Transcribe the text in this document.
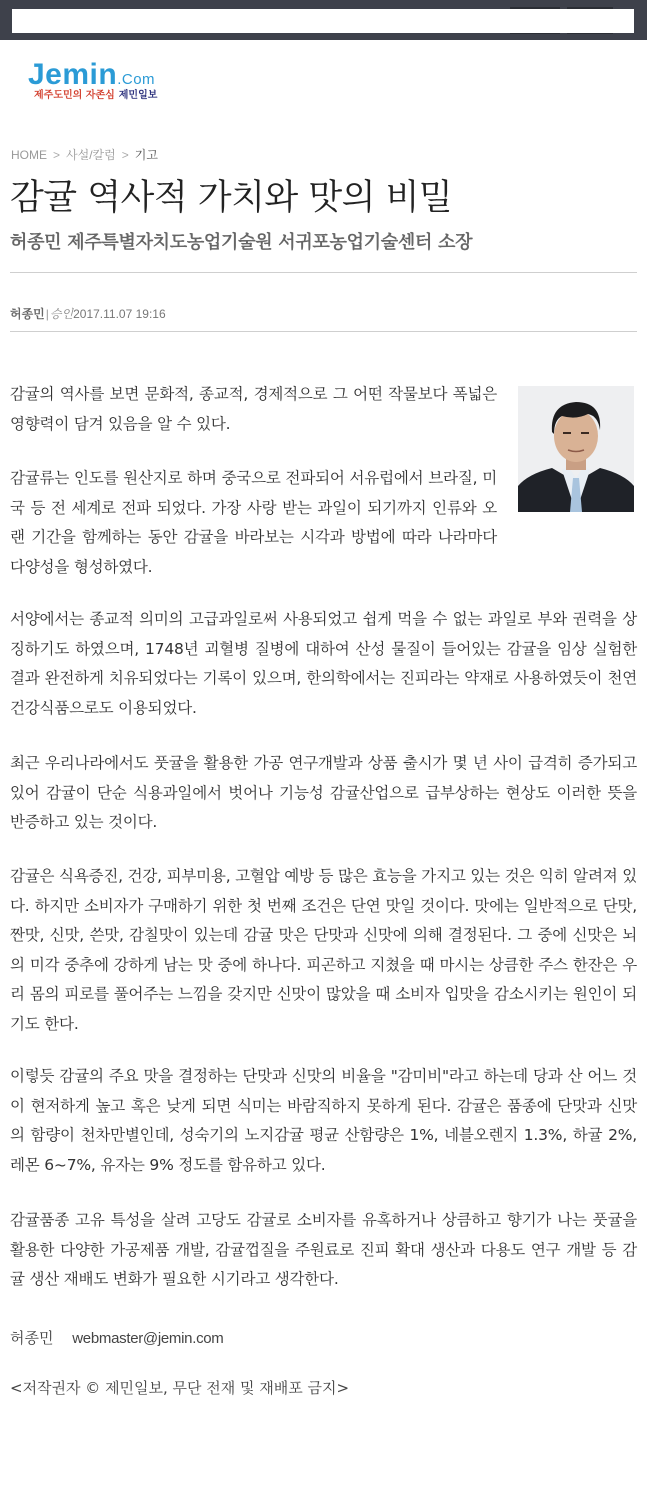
Jemin.Com
제주도민의 자존심 제민일보
HOME > 사설/칼럼 > 기고
감귤 역사적 가치와 맛의 비밀
허종민 제주특별자치도농업기술원 서귀포농업기술센터 소장
허종민 | 승인 2017.11.07 19:16

감귤의 역사를 보면 문화적, 종교적, 경제적으로 그 어떤 작물보다 폭넓은 영향력이 담겨 있음을 알 수 있다.

감귤류는 인도를 원산지로 하며 중국으로 전파되어 서유럽에서 브라질, 미국 등 전 세계로 전파 되었다. 가장 사랑 받는 과일이 되기까지 인류와 오랜 기간을 함께하는 동안 감귤을 바라보는 시각과 방법에 따라 나라마다 다양성을 형성하였다.

서양에서는 종교적 의미의 고급과일로써 사용되었고 쉽게 먹을 수 없는 과일로 부와 권력을 상징하기도 하였으며, 1748년 괴혈병 질병에 대하여 산성 물질이 들어있는 감귤을 임상 실험한 결과 완전하게 치유되었다는 기록이 있으며, 한의학에서는 진피라는 약재로 사용하였듯이 천연건강식품으로도 이용되었다.

최근 우리나라에서도 풋귤을 활용한 가공 연구개발과 상품 출시가 몇 년 사이 급격히 증가되고 있어 감귤이 단순 식용과일에서 벗어나 기능성 감귤산업으로 급부상하는 현상도 이러한 뜻을 반증하고 있는 것이다.

감귤은 식욕증진, 건강, 피부미용, 고혈압 예방 등 많은 효능을 가지고 있는 것은 익히 알려져 있다. 하지만 소비자가 구매하기 위한 첫 번째 조건은 단연 맛일 것이다. 맛에는 일반적으로 단맛, 짠맛, 신맛, 쓴맛, 감칠맛이 있는데 감귤 맛은 단맛과 신맛에 의해 결정된다. 그 중에 신맛은 뇌의 미각 중추에 강하게 남는 맛 중에 하나다. 피곤하고 지쳤을 때 마시는 상큼한 주스 한잔은 우리 몸의 피로를 풀어주는 느낌을 갖지만 신맛이 많았을 때 소비자 입맛을 감소시키는 원인이 되기도 한다.

이렇듯 감귤의 주요 맛을 결정하는 단맛과 신맛의 비율을 "감미비"라고 하는데 당과 산 어느 것이 현저하게 높고 혹은 낮게 되면 식미는 바람직하지 못하게 된다. 감귤은 품종에 단맛과 신맛의 함량이 천차만별인데, 성숙기의 노지감귤 평균 산함량은 1%, 네블오렌지 1.3%, 하귤 2%, 레몬 6~7%, 유자는 9% 정도를 함유하고 있다.

감귤품종 고유 특성을 살려 고당도 감귤로 소비자를 유혹하거나 상큼하고 향기가 나는 풋귤을 활용한 다양한 가공제품 개발, 감귤껍질을 주원료로 진피 확대 생산과 다용도 연구 개발 등 감귤 생산 재배도 변화가 필요한 시기라고 생각한다.

허종민 webmaster@jemin.com
<저작권자 © 제민일보, 무단 전재 및 재배포 금지>
